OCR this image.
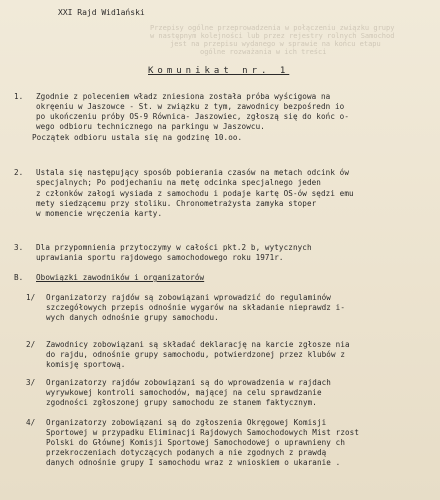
XXI Rajd Wid1ański
Przepisy ogólne przeprowadzenia w połączeniu związku grupy
w następnym kolejności lub przez rejestry rolnych Samochod
jest na przepisu wydanego w sprawie na końcu etapu
ogólne rozważania w ich treści
Komunikat nr. 1
1. Zgodnie z poleceniem władz zniesiona została próba wyścigowa na
okręeniu w Jaszowce - St. w związku z tym, zawodnicy bezpośredn io
po ukończeniu próby OS-9 Równica- Jaszowiec, zgłoszą się do końc o-
wego odbioru technicznego na parkingu w Jaszowcu.
Początek odbioru ustala się na godzinę 10.oo.
2. Ustala się następujący sposób pobierania czasów na metach odcink ów
specjalnych; Po podjechaniu na metę odcinka specjalnego jeden
z członków załogi wysiada z samochodu i podaje kartę OS-ów sędzi emu
mety siedzącemu przy stoliku. Chronometrażysta zamyka stoper
w momencie wręczenia karty.
3. Dla przypomnienia przytoczymy w całości pkt.2 b, wytycznych
uprawiania sportu rajdowego samochodowego roku 1971r.
B. Obowiązki zawodników i organizatorów
1/ Organizatorzy rajdów są zobowiązani wprowadzić do regulaminów
szczegółowych przepis odnośnie wygarów na składanie nieprawdz i-
wych danych odnośnie grupy samochodu.
2/ Zawodnicy zobowiązani są składać deklarację na karcie zgłosze nia
do rajdu, odnośnie grupy samochodu, potwierdzonej przez klubów z
komisję sportową.
3/ Organizatorzy rajdów zobowiązani są do wprowadzenia w rajdach
wyrywkowej kontroli samochodów, mającej na celu sprawdzanie
zgodności zgłoszonej grupy samochodu ze stanem faktycznym.
4/ Organizatorzy zobowiązani są do zgłoszenia Okręgowej Komisji
Sportowej w przypadku Eliminacji Rajdowych Samochodowych Mist rzost
Polski do Głównej Komisji Sportowej Samochodowej o uprawnieny ch
przekroczeniach dotyczących podanych a nie zgodnych z prawdą
danych odnośnie grupy I samochodu wraz z wnioskiem o ukaranie .
